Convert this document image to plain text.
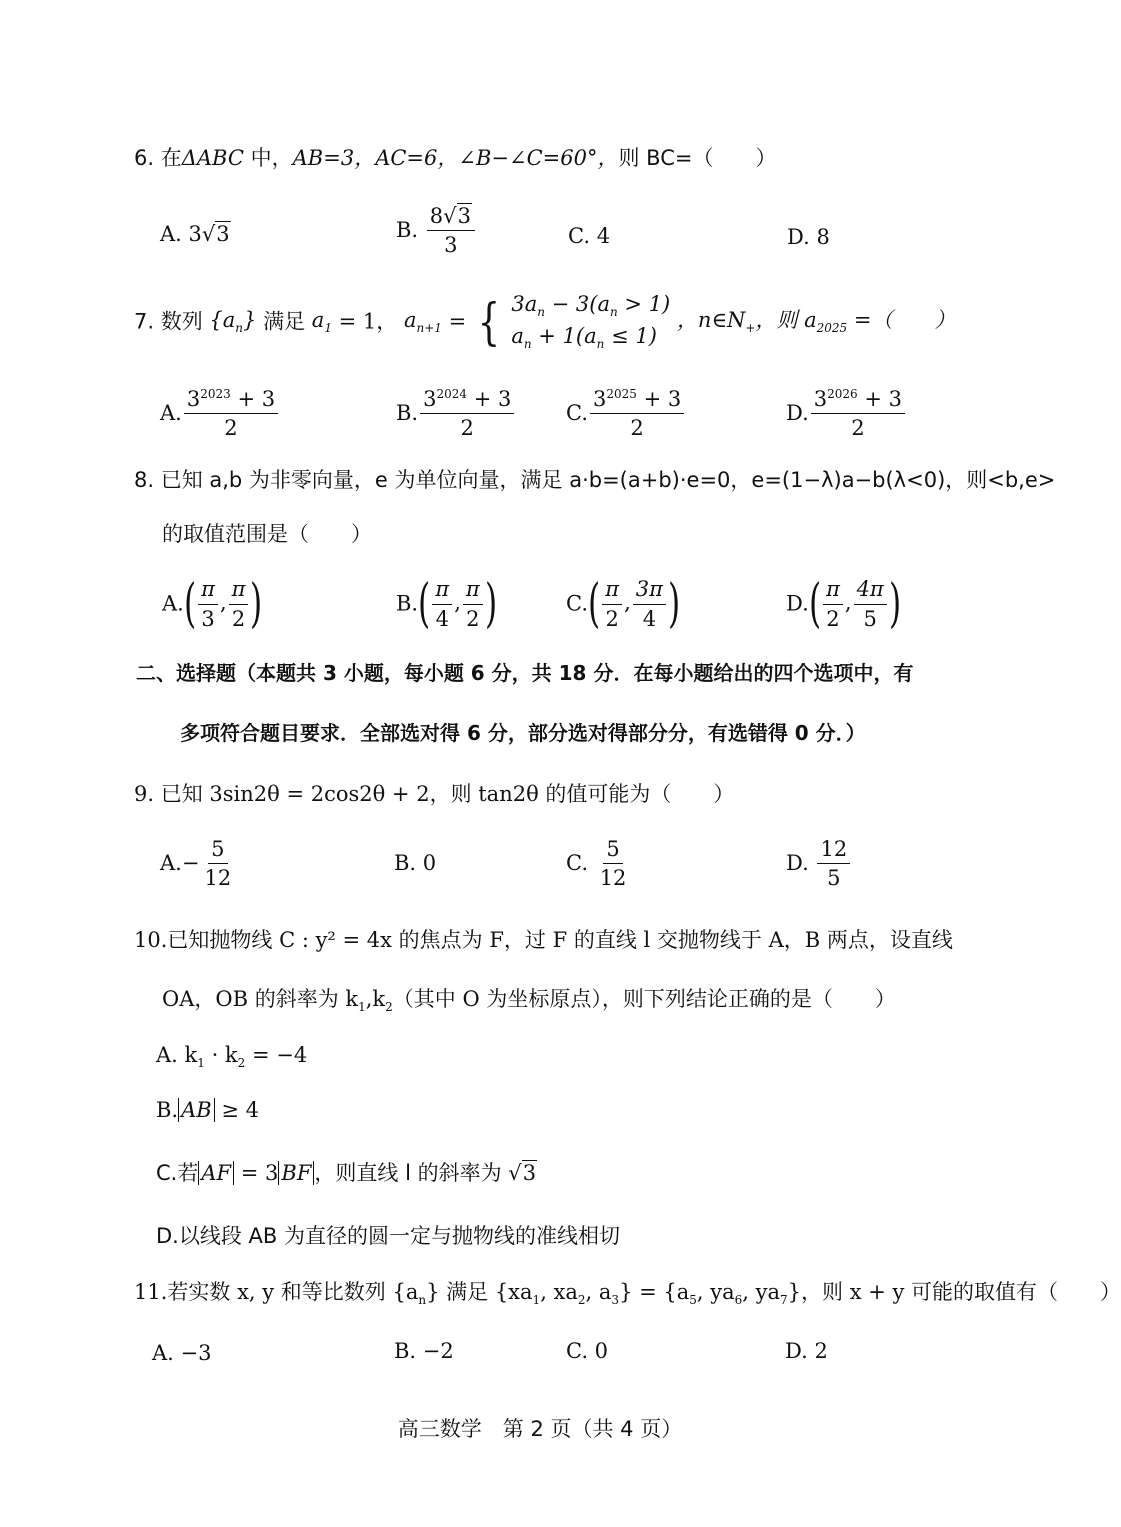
6. 在ΔABC 中，AB=3，AC=6，∠B−∠C=60°，则 BC=（　　）
A. 3√3	B. $\frac{8√3}{3}$	C. 4	D. 8
7. 数列 $\{a_n\}$ 满足 $a_1 = 1$， $a_{n+1}$ = { $3a_n - 3(a_n > 1)$
$a_n + 1(a_n \le 1)$
，$n\in N_+$，则 $a_{2025}$ =（　　）
A. $\frac{3^{2023} + 3}{2}$	B. $\frac{3^{2024} + 3}{2} C$. $\frac{3^{2025} + 3}{2}$	D. $\frac{3^{2026} + 3}{2}$
8. 已知 a,b 为非零向量，e 为单位向量，满足 a·b=(a+b)·e=0，e=(1−λ)a−b(λ<0)，则<b,e>
的取值范围是（　　）
$A.( \frac{\pi}{3}$ , $\frac{\pi}{2}$ )	$B.( \frac{\pi}{4}$ , $\frac{\pi}{2}$ )	$C.( \frac{\pi}{2}$ , $\frac{3\pi}{4}$ )	$D.( \frac{\pi}{2}$ , $\frac{4\pi}{5}$ )
二、选择题（本题共 3 小题，每小题 6 分，共 18 分．在每小题给出的四个选项中，有
多项符合题目要求．全部选对得 6 分，部分选对得部分分，有选错得 0 分．）
9. 已知 3sin2θ = 2cos2θ + 2，则 tan2θ 的值可能为（　　）
$A.- \frac{5}{12}$	B. 0	C. $\frac{5}{12}$	D. $\frac{12}{5}$
10.已知抛物线 C : y² = 4x 的焦点为 F，过 F 的直线 l 交抛物线于 A，B 两点，设直线
OA，OB 的斜率为 $k_1,k_2$（其中 O 为坐标原点），则下列结论正确的是（　　）
A. $k_1 \cdot k_2 = -4$
B. AB ≥ 4
C.若 AF = 3 BF ，则直线 l 的斜率为 √3
D.以线段 AB 为直径的圆一定与抛物线的准线相切
11.若实数 x, y 和等比数列 $\{a_n\}$ 满足 {$xa_1$, $xa_2$, $a_3\} = \{a_5$, $ya_6$, $ya_7$}，则 x + y 可能的取值有（　　）
A. −3	B. −2	C. 0	D. 2
高三数学　第 2 页（共 4 页）
